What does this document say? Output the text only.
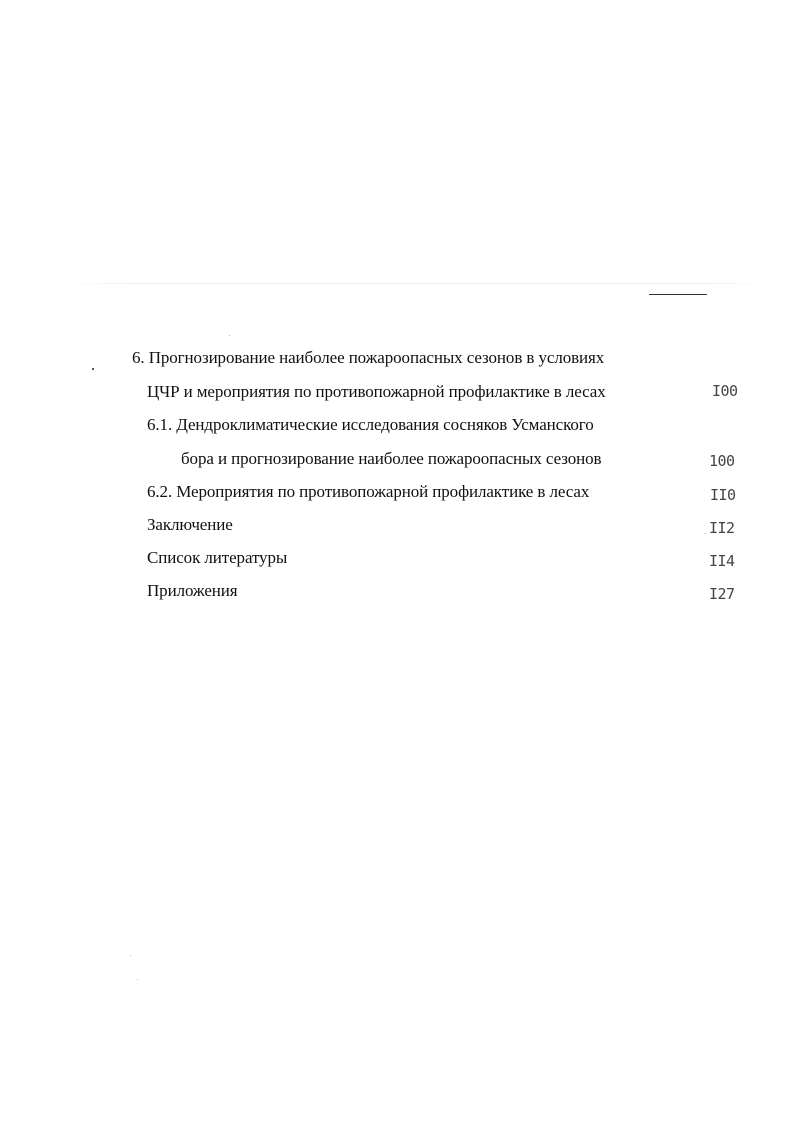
6. Прогнозирование наиболее пожароопасных сезонов в условиях
ЦЧР и мероприятия по противопожарной профилактике в лесах	I00
6.1. Дендроклиматические исследования сосняков Усманского
бора и прогнозирование наиболее пожароопасных сезонов	100
6.2. Мероприятия по противопожарной профилактике в лесах	II0
Заключение	II2
Список литературы	II4
Приложения	I27
